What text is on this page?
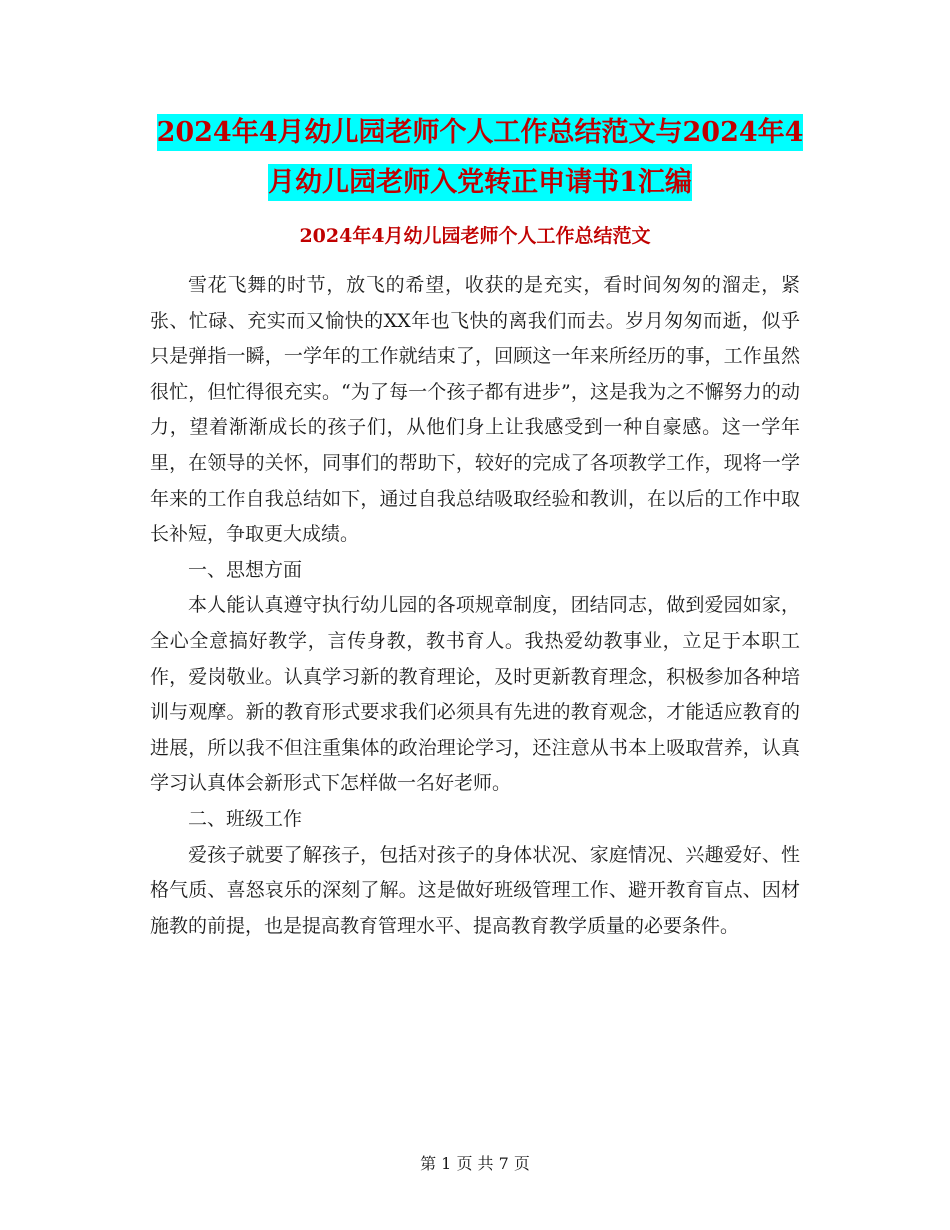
2024年4月幼儿园老师个人工作总结范文与2024年4月幼儿园老师入党转正申请书1汇编
2024年4月幼儿园老师个人工作总结范文

雪花飞舞的时节，放飞的希望，收获的是充实，看时间匆匆的溜走，紧张、忙碌、充实而又愉快的XX年也飞快的离我们而去。岁月匆匆而逝，似乎只是弹指一瞬，一学年的工作就结束了，回顾这一年来所经历的事，工作虽然很忙，但忙得很充实。“为了每一个孩子都有进步”，这是我为之不懈努力的动力，望着渐渐成长的孩子们，从他们身上让我感受到一种自豪感。这一学年里，在领导的关怀，同事们的帮助下，较好的完成了各项教学工作，现将一学年来的工作自我总结如下，通过自我总结吸取经验和教训，在以后的工作中取长补短，争取更大成绩。

一、思想方面

本人能认真遵守执行幼儿园的各项规章制度，团结同志，做到爱园如家，全心全意搞好教学，言传身教，教书育人。我热爱幼教事业，立足于本职工作，爱岗敬业。认真学习新的教育理论，及时更新教育理念，积极参加各种培训与观摩。新的教育形式要求我们必须具有先进的教育观念，才能适应教育的进展，所以我不但注重集体的政治理论学习，还注意从书本上吸取营养，认真学习认真体会新形式下怎样做一名好老师。

二、班级工作

爱孩子就要了解孩子，包括对孩子的身体状况、家庭情况、兴趣爱好、性格气质、喜怒哀乐的深刻了解。这是做好班级管理工作、避开教育盲点、因材施教的前提，也是提高教育管理水平、提高教育教学质量的必要条件。

第 1 页 共 7 页
